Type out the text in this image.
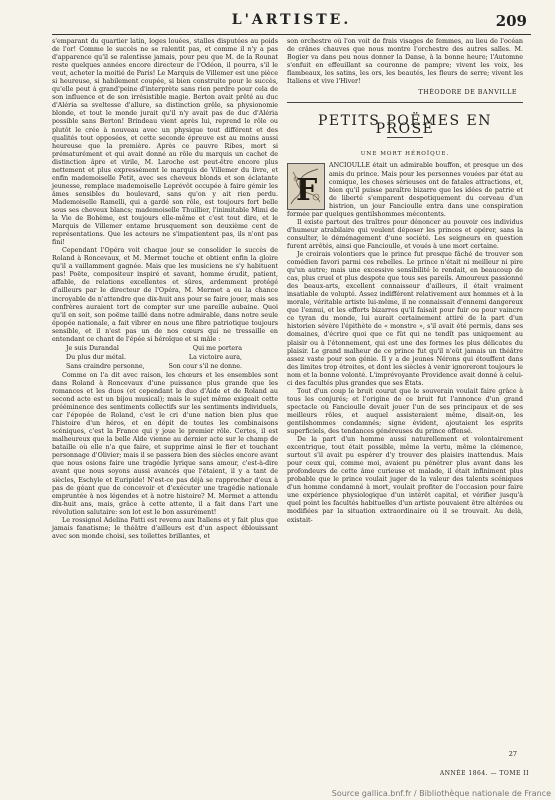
L'ARTISTE.	209

s'emparant du quartier latin, loges louées, stalles disputées au poids de l'or! Comme le succès ne se ralentit pas, et comme il n'y a pas d'apparence qu'il se ralentisse jamais, pour peu que M. de la Rounat reste quelques années encore directeur de l'Odéon, il pourra, s'il le veut, acheter la moitié de Paris! Le Marquis de Villemer est une pièce si heureuse, si habilement coupée, si bien construite pour le succès, qu'elle peut à grand'peine d'interprète sans rien perdre pour cela de son influence et de son irrésistible magie. Berton avait prêté au duc d'Aléria sa sveltesse d'allure, sa distinction grêle, sa physionomie blonde, et tout le monde jurait qu'il n'y avait pas de duc d'Aléria possible sans Berton! Brindeau vient après lui, reprend le rôle ou plutôt le crée à nouveau avec un physique tout différent et des qualités tout opposées, et cette seconde épreuve est au moins aussi heureuse que la première. Après ce pauvre Ribes, mort si prématurément et qui avait donné au rôle du marquis un cachet de distinction âpre et virile, M. Laroche est peut-être encore plus nettement et plus expressément le marquis de Villemer du livre, et enfin mademoiselle Petit, avec ses cheveux blonds et son éclatante jeunesse, remplace mademoiselle Leprévôt occupée à faire gémir les âmes sensibles du boulevard, sans qu'on y ait rien perdu. Mademoiselle Ramelli, qui a gardé son rôle, est toujours fort belle sous ses cheveux blancs; mademoiselle Thuillier, l'inimitable Mimi de la Vie de Bohème, est toujours elle-même et c'est tout dire, et le Marquis de Villemer entame brusquement son deuxième cent de représentations. Que les acteurs ne s'impatientent pas, ils n'ont pas fini!

Cependant l'Opéra voit chaque jour se consolider le succès de Roland à Roncevaux, et M. Mermet touche et obtient enfin la gloire qu'il a vaillamment gagnée. Mais que les musiciens ne s'y habituent pas! Poëte, compositeur inspiré et savant, homme érudit, patient, affable, de relations excellentes et sûres, ardemment protégé d'ailleurs par le directeur de l'Opéra, M. Mermet a eu la chance incroyable de n'attendre que dix-huit ans pour se faire jouer, mais ses confrères auraient tort de compter sur une pareille aubaine. Quoi qu'il en soit, son poëme taillé dans notre admirable, dans notre seule épopée nationale, a fait vibrer en nous une fibre patriotique toujours sensible, et il n'est pas un de nos cœurs qui ne tressaille en entendant ce chant de l'épée si héroïque et si mâle :

Je suis Durandal	Qui me portera
Du plus dur métal.	La victoire aura,
Sans craindre personne,	Son cour s'il ne donne.

Comme on l'a dit avec raison, les chœurs et les ensembles sont dans Roland à Roncevaux d'une puissance plus grande que les romances et les duos (et cependant le duo d'Aide et de Roland au second acte est un bijou musical); mais le sujet même exigeait cette prééminence des sentiments collectifs sur les sentiments individuels, car l'épopée de Roland, c'est le cri d'une nation bien plus que l'histoire d'un héros, et en dépit de toutes les combinaisons scéniques, c'est la France qui y joue le premier rôle. Certes, il est malheureux que la belle Alde vienne au dernier acte sur le champ de bataille où elle n'a que faire, et supprime ainsi le fier et touchant personnage d'Olivier; mais il se passera bien des siècles encore avant que nous osions faire une tragédie lyrique sans amour, c'est-à-dire avant que nous soyons aussi avancés que l'étaient, il y a tant de siècles, Eschyle et Euripide! N'est-ce pas déjà se rapprocher d'eux à pas de géant que de concevoir et d'exécuter une tragédie nationale empruntée à nos légendes et à notre histoire? M. Mermet a attendu dix-huit ans, mais, grâce à cette attente, il a fait dans l'art une révolution salutaire: son lot est le bon assurément!

Le rossignol Adelina Patti est revenu aux Italiens et y fait plus que jamais fanatisme; le théâtre d'ailleurs est d'un aspect éblouissant avec son monde choisi, ses toilettes brillantes, et

son orchestre où l'on voit de frais visages de femmes, au lieu de l'océan de crânes chauves que nous montre l'orchestre des autres salles. M. Bogier va dans peu nous donner la Danse, à la bonne heure; l'Automne s'enfuit en effeuillant sa couronne de pampre; vivent les voix, les flambeaux, les satins, les ors, les beautés, les fleurs de serre; vivent les Italiens et vive l'Hiver!

THÉODORE DE BANVILLE
PETITS POËMES EN PROSE
UNE MORT HÉROÏQUE.
F

ANCIOULLE était un admirable bouffon, et presque un des amis du prince. Mais pour les personnes vouées par état au comique, les choses sérieuses ont de fatales attractions, et, bien qu'il puisse paraître bizarre que les idées de patrie et de liberté s'emparent despotiquement du cerveau d'un histrion, un jour Fancioulle entra dans une conspiration formée par quelques gentilshommes mécontents.

Il existe partout des traîtres pour dénoncer au pouvoir ces individus d'humeur atrabilaire qui veulent déposer les princes et opérer, sans la consulter, le déménagement d'une société. Les seigneurs en question furent arrêtés, ainsi que Fancioulle, et voués à une mort certaine.

Je croirais volontiers que le prince fut presque fâché de trouver son comédien favori parmi ces rebelles. Le prince n'était ni meilleur ni pire qu'un autre; mais une excessive sensibilité le rendait, en beaucoup de cas, plus cruel et plus despote que tous ses pareils. Amoureux passionné des beaux-arts, excellent connaisseur d'ailleurs, il était vraiment insatiable de volupté. Assez indifférent relativement aux hommes et à la morale, véritable artiste lui-même, il ne connaissait d'ennemi dangereux que l'ennui, et les efforts bizarres qu'il faisait pour fuir ou pour vaincre ce tyran du monde, lui aurait certainement attiré de la part d'un historien sévère l'épithète de « monstre », s'il avait été permis, dans ses domaines, d'écrire quoi que ce fût qui ne tendît pas uniquement au plaisir ou à l'étonnement, qui est une des formes les plus délicates du plaisir. Le grand malheur de ce prince fut qu'il n'eût jamais un théâtre assez vaste pour son génie. Il y a de jeunes Nérons qui étouffent dans des limites trop étroites, et dont les siècles à venir ignoreront toujours le nom et la bonne volonté. L'imprévoyante Providence avait donné à celui-ci des facultés plus grandes que ses États.

Tout d'un coup le bruit courut que le souverain voulait faire grâce à tous les conjurés; et l'origine de ce bruit fut l'annonce d'un grand spectacle où Fancioulle devait jouer l'un de ses principaux et de ses meilleurs rôles, et auquel assisteraient même, disait-on, les gentilshommes condamnés; signe évident, ajoutaient les esprits superficiels, des tendances généreuses du prince offensé.

De la part d'un homme aussi naturellement et volontairement excentrique, tout était possible, même la vertu, même la clémence, surtout s'il avait pu espérer d'y trouver des plaisirs inattendus. Mais pour ceux qui, comme moi, avaient pu pénétrer plus avant dans les profondeurs de cette âme curieuse et malade, il était infiniment plus probable que le prince voulait juger de la valeur des talents scéniques d'un homme condamné à mort, voulait profiter de l'occasion pour faire une expérience physiologique d'un intérêt capital, et vérifier jusqu'à quel point les facultés habituelles d'un artiste pouvaient être altérées ou modifiées par la situation extraordinaire où il se trouvait. Au delà, existait-

27
ANNÉE 1864. — TOME II
Source gallica.bnf.fr / Bibliothèque nationale de France
